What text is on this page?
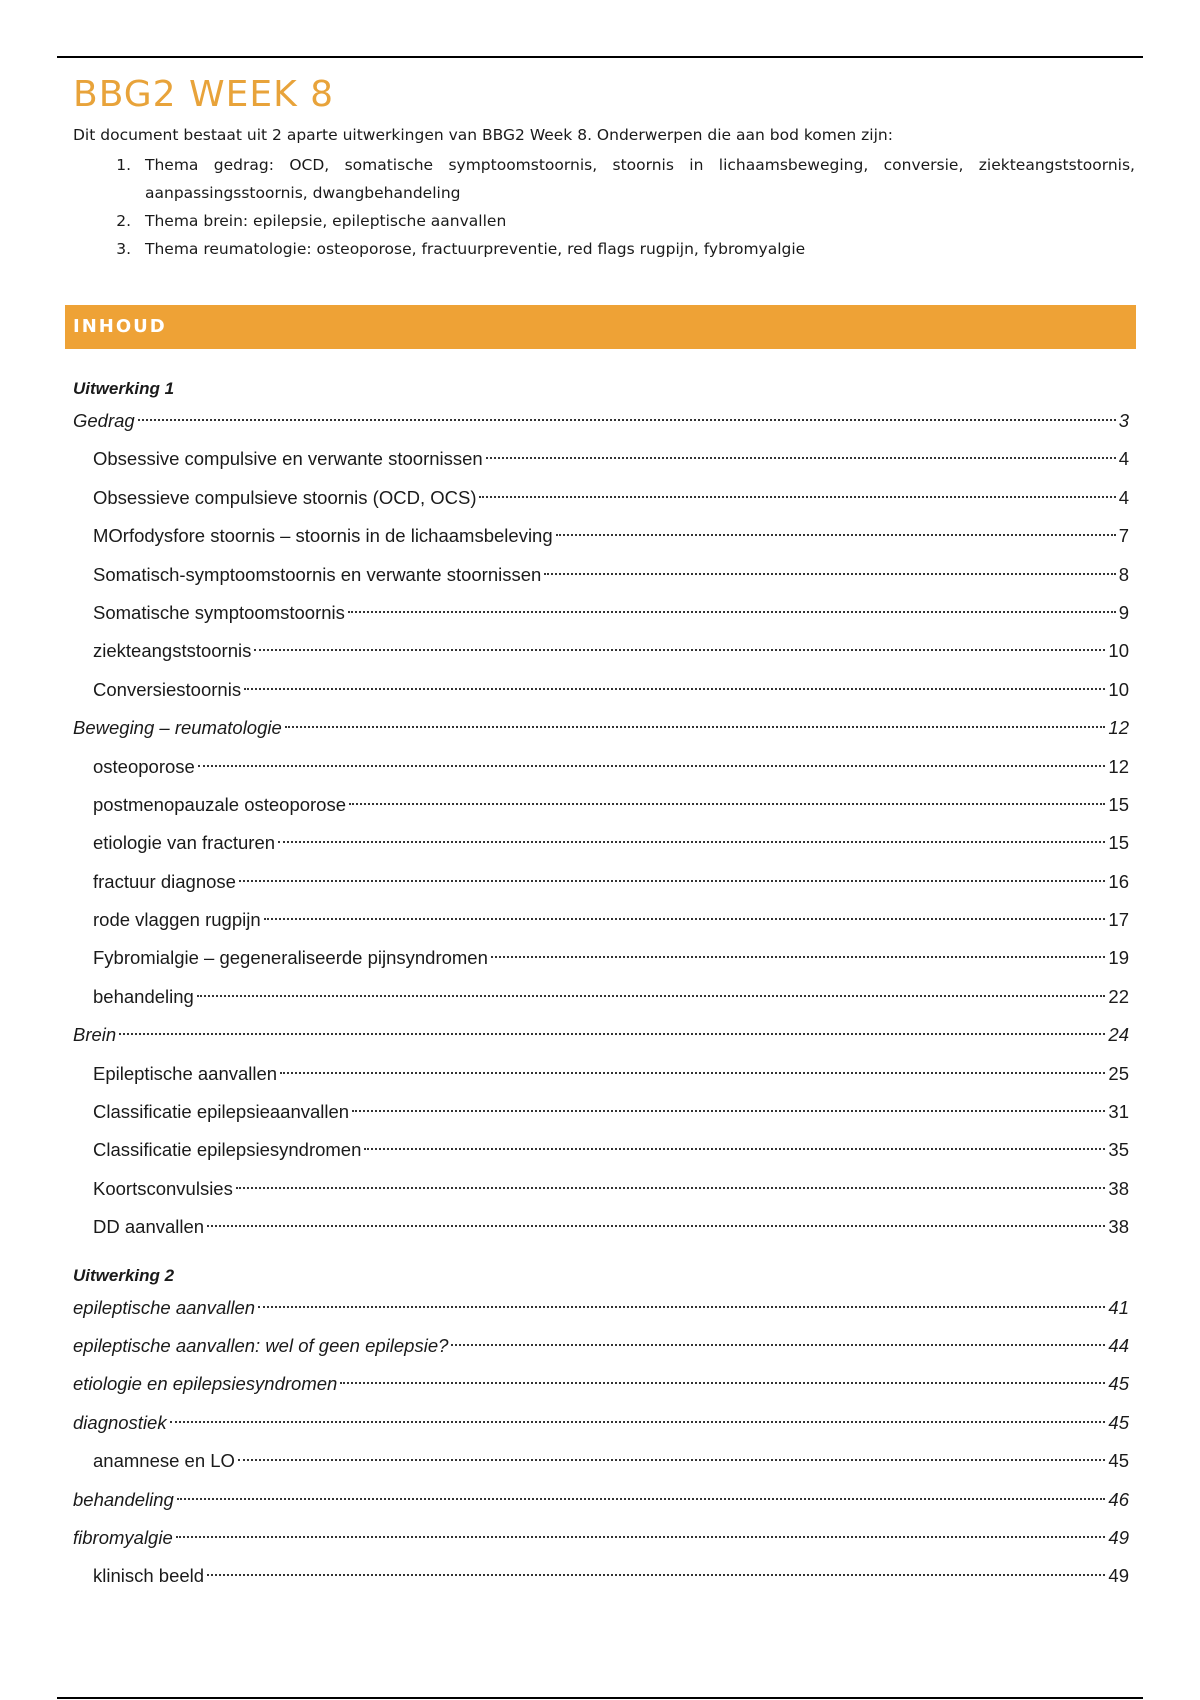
BBG2 WEEK 8

Dit document bestaat uit 2 aparte uitwerkingen van BBG2 Week 8. Onderwerpen die aan bod komen zijn:

1. Thema gedrag: OCD, somatische symptoomstoornis, stoornis in lichaamsbeweging, conversie, ziekteangststoornis, aanpassingsstoornis, dwangbehandeling
2. Thema brein: epilepsie, epileptische aanvallen
3. Thema reumatologie: osteoporose, fractuurpreventie, red flags rugpijn, fybromyalgie
INHOUD

Uitwerking 1

Gedrag	3
Obsessive compulsive en verwante stoornissen	4
Obsessieve compulsieve stoornis (OCD, OCS)	4
MOrfodysfore stoornis – stoornis in de lichaamsbeleving	7
Somatisch-symptoomstoornis en verwante stoornissen	8
Somatische symptoomstoornis	9
ziekteangststoornis	10
Conversiestoornis	10
Beweging – reumatologie	12
osteoporose	12
postmenopauzale osteoporose	15
etiologie van fracturen	15
fractuur diagnose	16
rode vlaggen rugpijn	17
Fybromialgie – gegeneraliseerde pijnsyndromen	19
behandeling	22
Brein	24
Epileptische aanvallen	25
Classificatie epilepsieaanvallen	31
Classificatie epilepsiesyndromen	35
Koortsconvulsies	38
DD aanvallen	38

Uitwerking 2

epileptische aanvallen	41
epileptische aanvallen: wel of geen epilepsie?	44
etiologie en epilepsiesyndromen	45
diagnostiek	45
anamnese en LO	45
behandeling	46
fibromyalgie	49
klinisch beeld	49
